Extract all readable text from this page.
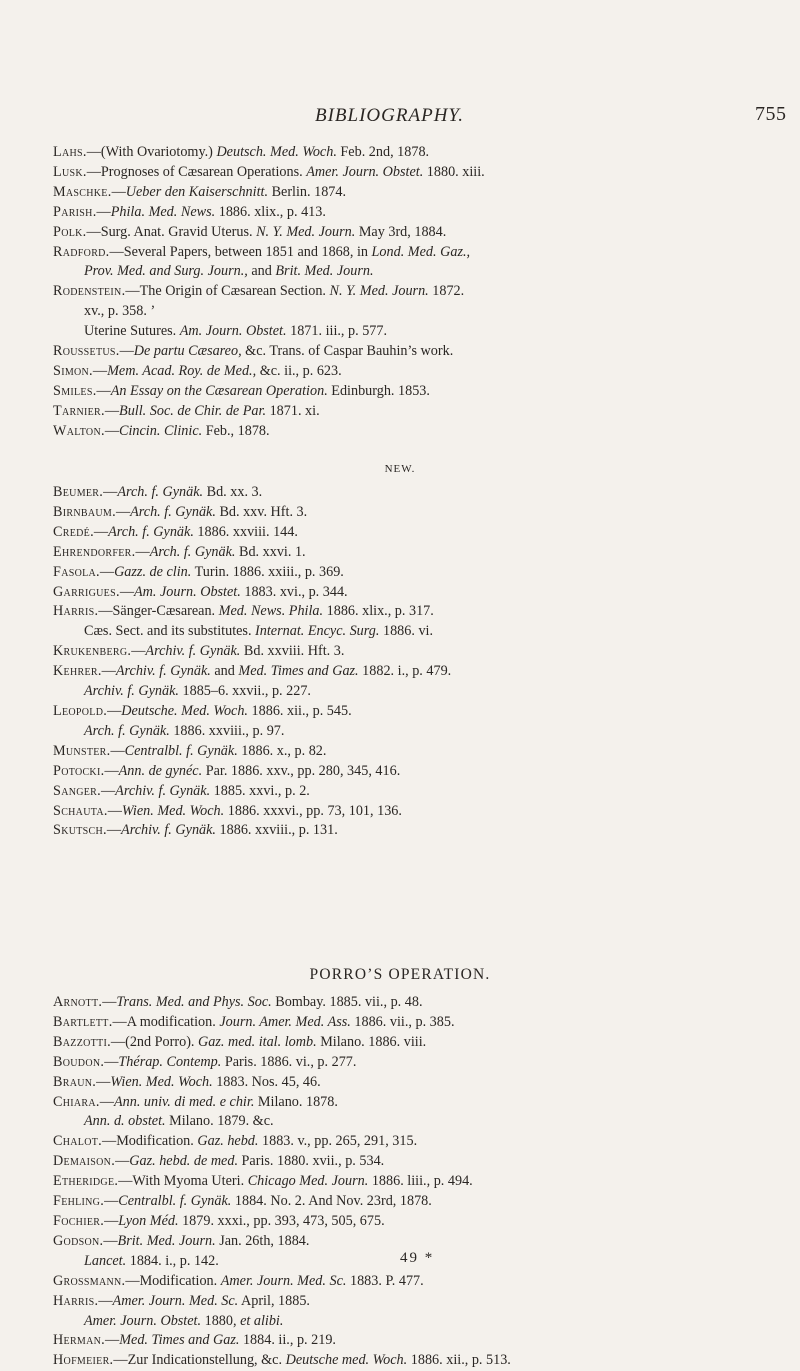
BIBLIOGRAPHY.	755
Lahs.—(With Ovariotomy.) Deutsch. Med. Woch. Feb. 2nd, 1878.
Lusk.—Prognoses of Cæsarean Operations. Amer. Journ. Obstet. 1880. xiii.
Maschke.—Ueber den Kaiserschnitt. Berlin. 1874.
Parish.—Phila. Med. News. 1886. xlix., p. 413.
Polk.—Surg. Anat. Gravid Uterus. N. Y. Med. Journ. May 3rd, 1884.
Radford.—Several Papers, between 1851 and 1868, in Lond. Med. Gaz.,
Prov. Med. and Surg. Journ., and Brit. Med. Journ.
Rodenstein.—The Origin of Cæsarean Section. N. Y. Med. Journ. 1872.
xv., p. 358. ’
Uterine Sutures. Am. Journ. Obstet. 1871. iii., p. 577.
Roussetus.—De partu Cæsareo, &c. Trans. of Caspar Bauhin’s work.
Simon.—Mem. Acad. Roy. de Med., &c. ii., p. 623.
Smiles.—An Essay on the Cæsarean Operation. Edinburgh. 1853.
Tarnier.—Bull. Soc. de Chir. de Par. 1871. xi.
Walton.—Cincin. Clinic. Feb., 1878.
NEW.
Beumer.—Arch. f. Gynäk. Bd. xx. 3.
Birnbaum.—Arch. f. Gynäk. Bd. xxv. Hft. 3.
Credé.—Arch. f. Gynäk. 1886. xxviii. 144.
Ehrendorfer.—Arch. f. Gynäk. Bd. xxvi. 1.
Fasola.—Gazz. de clin. Turin. 1886. xxiii., p. 369.
Garrigues.—Am. Journ. Obstet. 1883. xvi., p. 344.
Harris.—Sänger-Cæsarean. Med. News. Phila. 1886. xlix., p. 317.
Cæs. Sect. and its substitutes. Internat. Encyc. Surg. 1886. vi.
Krukenberg.—Archiv. f. Gynäk. Bd. xxviii. Hft. 3.
Kehrer.—Archiv. f. Gynäk. and Med. Times and Gaz. 1882. i., p. 479.
Archiv. f. Gynäk. 1885–6. xxvii., p. 227.
Leopold.—Deutsche. Med. Woch. 1886. xii., p. 545.
Arch. f. Gynäk. 1886. xxviii., p. 97.
Munster.—Centralbl. f. Gynäk. 1886. x., p. 82.
Potocki.—Ann. de gynéc. Par. 1886. xxv., pp. 280, 345, 416.
Sanger.—Archiv. f. Gynäk. 1885. xxvi., p. 2.
Schauta.—Wien. Med. Woch. 1886. xxxvi., pp. 73, 101, 136.
Skutsch.—Archiv. f. Gynäk. 1886. xxviii., p. 131.
PORRO’S OPERATION.
Arnott.—Trans. Med. and Phys. Soc. Bombay. 1885. vii., p. 48.
Bartlett.—A modification. Journ. Amer. Med. Ass. 1886. vii., p. 385.
Bazzotti.—(2nd Porro). Gaz. med. ital. lomb. Milano. 1886. viii.
Boudon.—Thérap. Contemp. Paris. 1886. vi., p. 277.
Braun.—Wien. Med. Woch. 1883. Nos. 45, 46.
Chiara.—Ann. univ. di med. e chir. Milano. 1878.
Ann. d. obstet. Milano. 1879. &c.
Chalot.—Modification. Gaz. hebd. 1883. v., pp. 265, 291, 315.
Demaison.—Gaz. hebd. de med. Paris. 1880. xvii., p. 534.
Etheridge.—With Myoma Uteri. Chicago Med. Journ. 1886. liii., p. 494.
Fehling.—Centralbl. f. Gynäk. 1884. No. 2. And Nov. 23rd, 1878.
Fochier.—Lyon Méd. 1879. xxxi., pp. 393, 473, 505, 675.
Godson.—Brit. Med. Journ. Jan. 26th, 1884.
Lancet. 1884. i., p. 142.
Grossmann.—Modification. Amer. Journ. Med. Sc. 1883. P. 477.
Harris.—Amer. Journ. Med. Sc. April, 1885.
Amer. Journ. Obstet. 1880, et alibi.
Herman.—Med. Times and Gaz. 1884. ii., p. 219.
Hofmeier.—Zur Indicationstellung, &c. Deutsche med. Woch. 1886. xii., p. 513.
49 *
